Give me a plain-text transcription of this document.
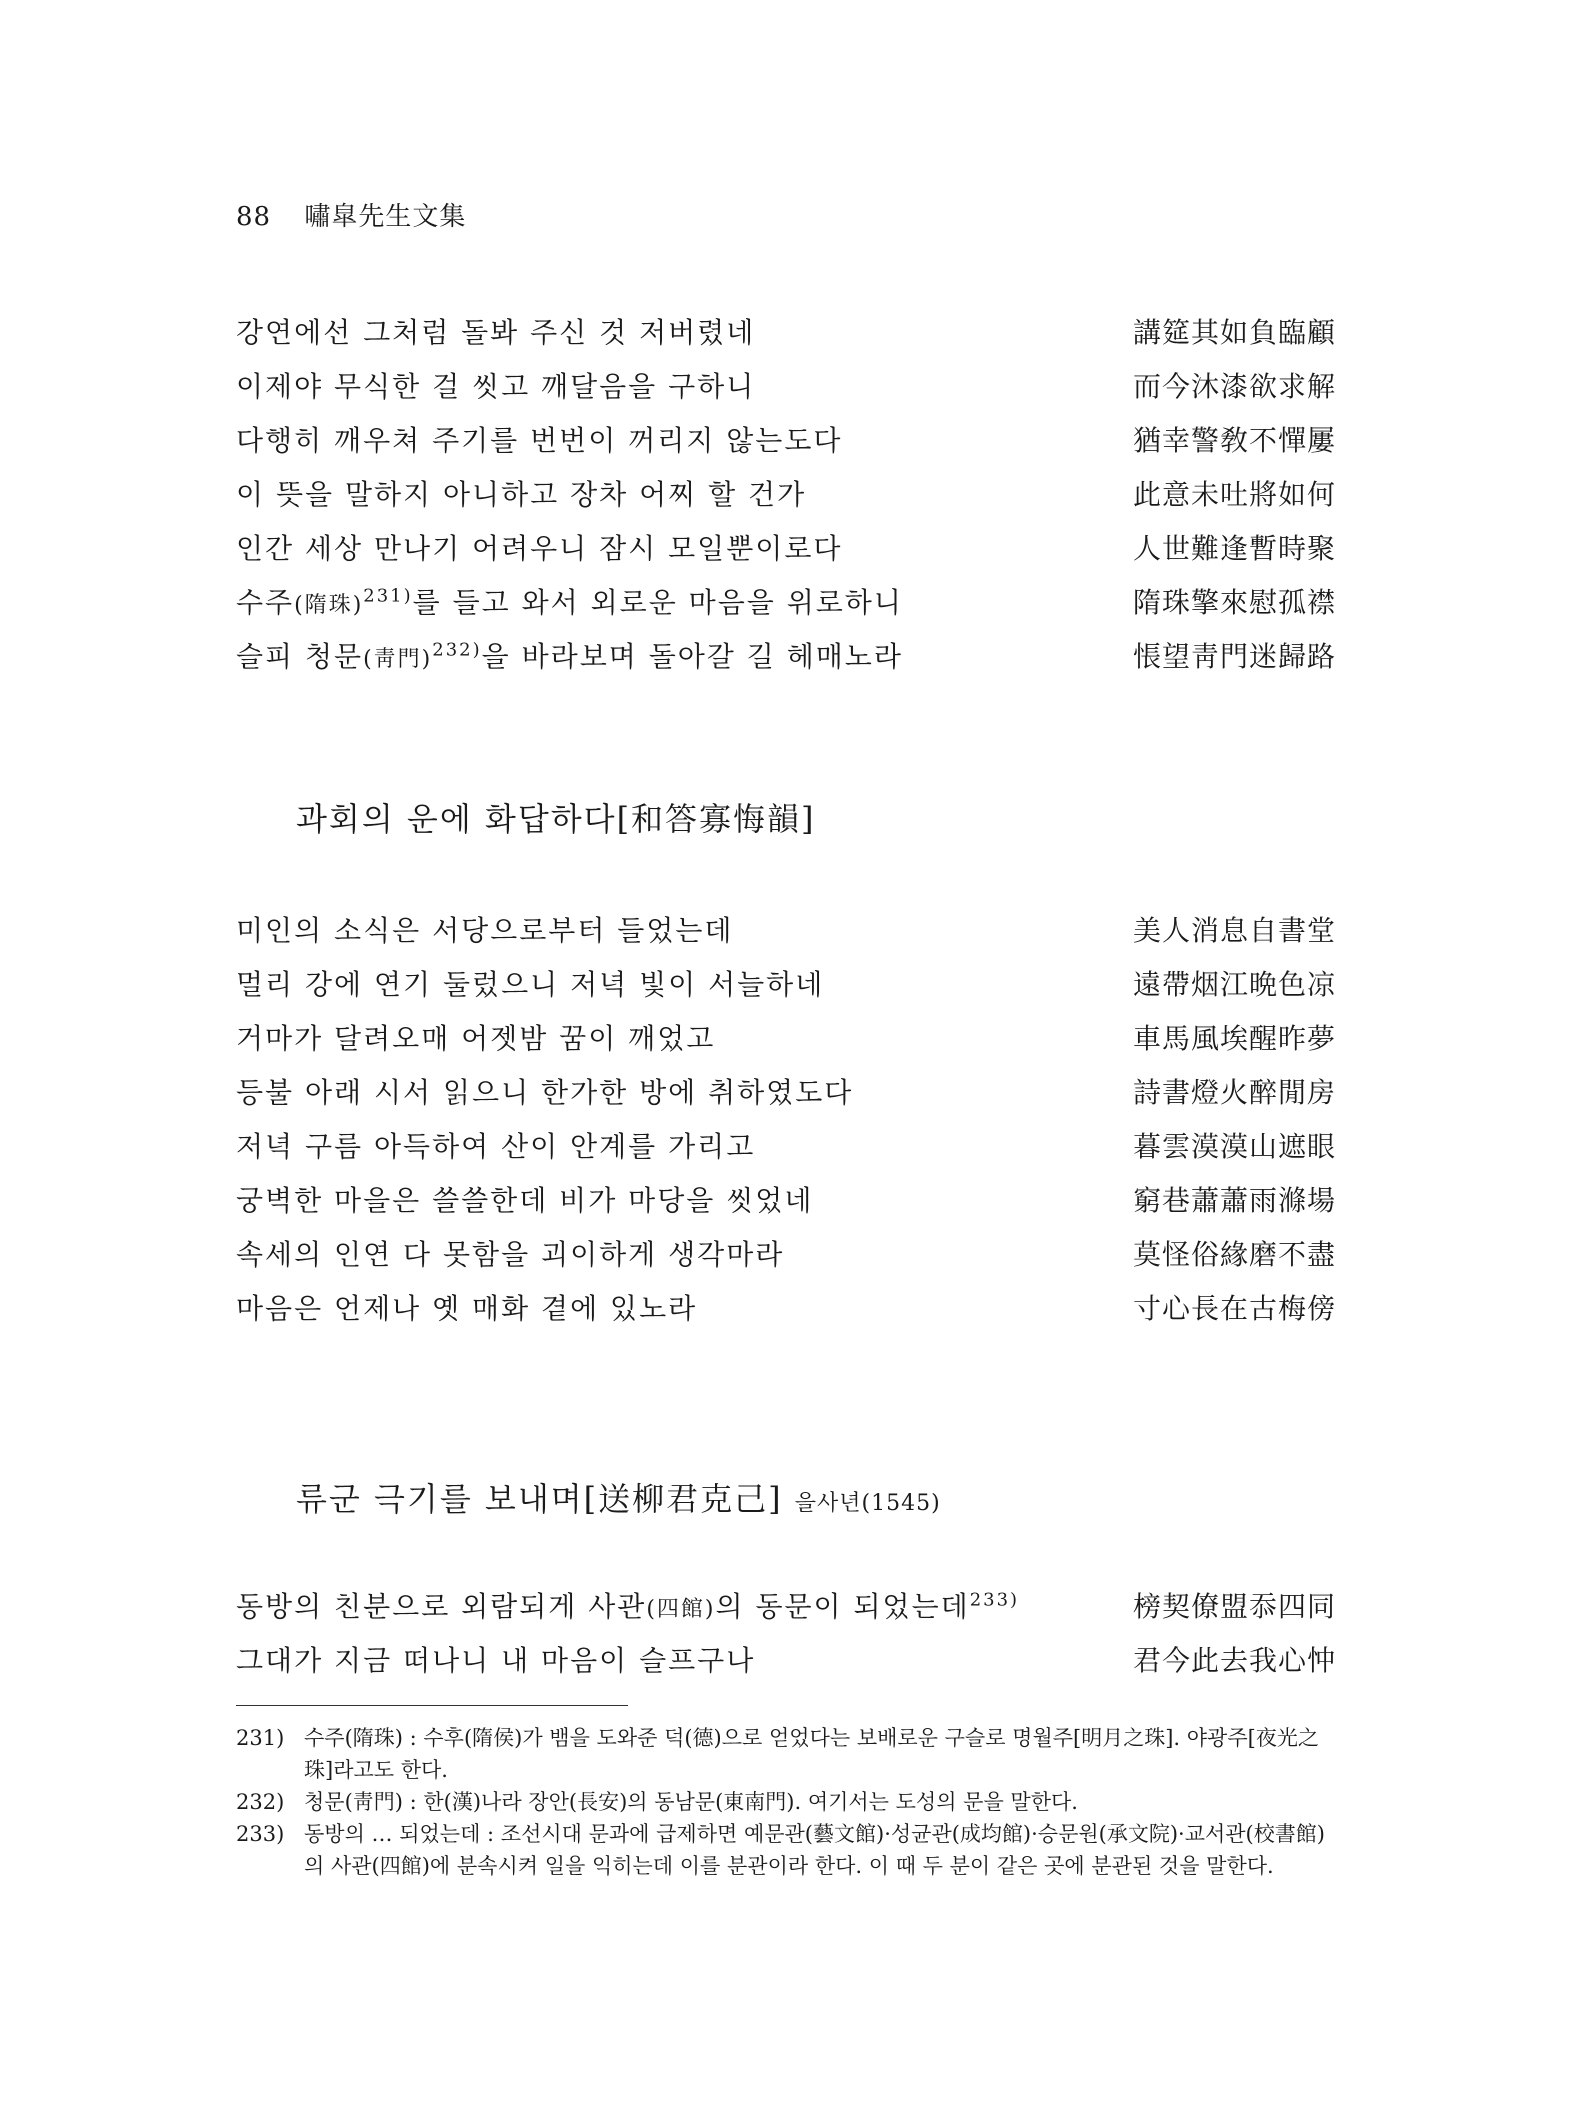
88 嘯皐先生文集
강연에선 그처럼 돌봐 주신 것 저버렸네	講筵其如負臨顧
이제야 무식한 걸 씻고 깨달음을 구하니	而今沐漆欲求解
다행히 깨우쳐 주기를 번번이 꺼리지 않는도다	猶幸警敎不憚屢
이 뜻을 말하지 아니하고 장차 어찌 할 건가	此意未吐將如何
인간 세상 만나기 어려우니 잠시 모일뿐이로다	人世難逢暫時聚
수주(隋珠)$^{231)}$를 들고 와서 외로운 마음을 위로하니	隋珠擎來慰孤襟
슬피 청문(靑門)$^{232)}$을 바라보며 돌아갈 길 헤매노라	悵望靑門迷歸路
과회의 운에 화답하다[和答寡悔韻]
미인의 소식은 서당으로부터 들었는데	美人消息自書堂
멀리 강에 연기 둘렀으니 저녁 빛이 서늘하네	遠帶烟江晩色凉
거마가 달려오매 어젯밤 꿈이 깨었고	車馬風埃醒昨夢
등불 아래 시서 읽으니 한가한 방에 취하였도다	詩書燈火醉閒房
저녁 구름 아득하여 산이 안계를 가리고	暮雲漠漠山遮眼
궁벽한 마을은 쓸쓸한데 비가 마당을 씻었네	窮巷蕭蕭雨滌場
속세의 인연 다 못함을 괴이하게 생각마라	莫怪俗緣磨不盡
마음은 언제나 옛 매화 곁에 있노라	寸心長在古梅傍
류군 극기를 보내며[送柳君克己] 을사년(1545)
동방의 친분으로 외람되게 사관(四館)의 동문이 되었는데$^{233)}$	榜契僚盟忝四同
그대가 지금 떠나니 내 마음이 슬프구나	君今此去我心忡
231) 수주(隋珠) : 수후(隋侯)가 뱀을 도와준 덕(德)으로 얻었다는 보배로운 구슬로 명월주[明月之珠]. 야광주[夜光之珠]라고도 한다.
232) 청문(靑門) : 한(漢)나라 장안(長安)의 동남문(東南門). 여기서는 도성의 문을 말한다.
233) 동방의 … 되었는데 : 조선시대 문과에 급제하면 예문관(藝文館)·성균관(成均館)·승문원(承文院)·교서관(校書館)의 사관(四館)에 분속시켜 일을 익히는데 이를 분관이라 한다. 이 때 두 분이 같은 곳에 분관된 것을 말한다.
